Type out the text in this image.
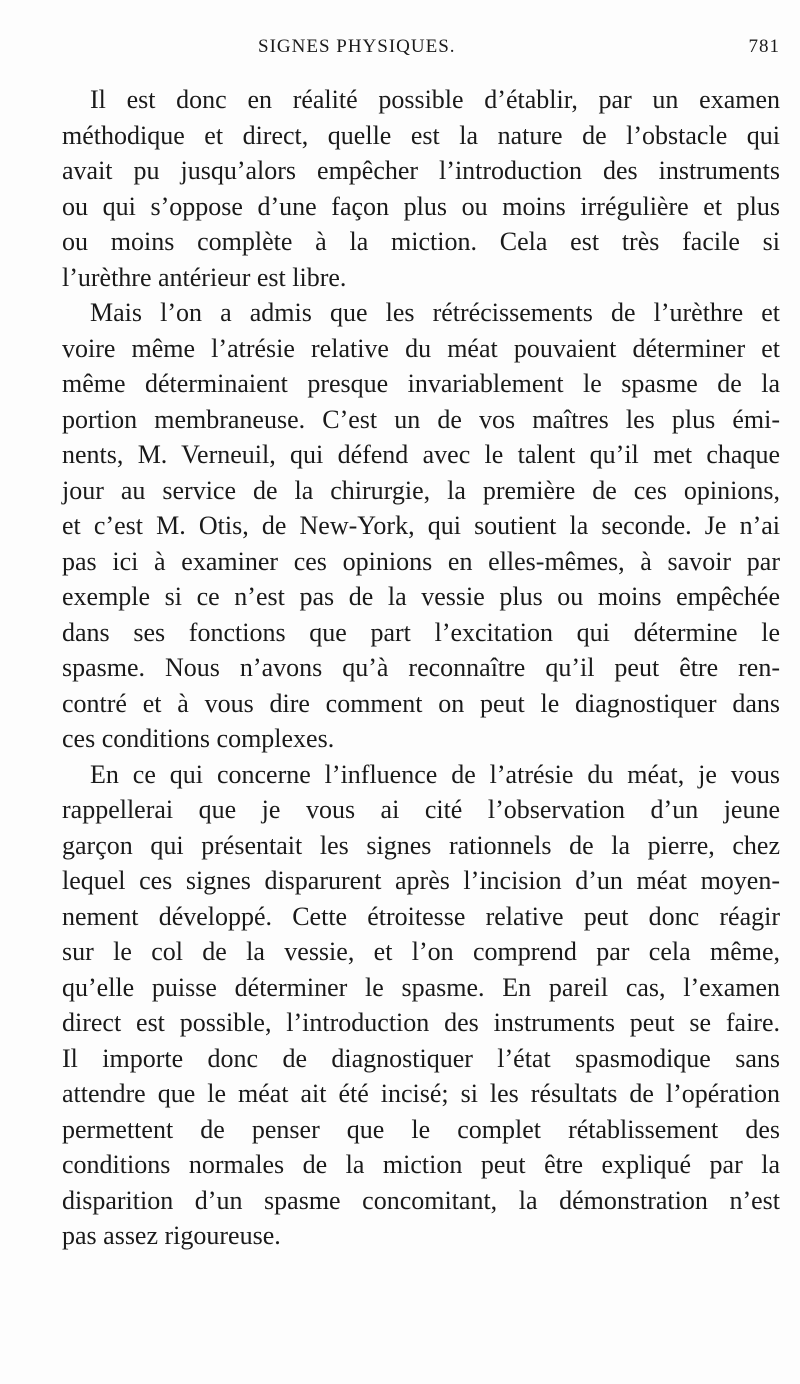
SIGNES PHYSIQUES.	781
Il est donc en réalité possible d’établir, par un examen
méthodique et direct, quelle est la nature de l’obstacle qui
avait pu jusqu’alors empêcher l’introduction des instruments
ou qui s’oppose d’une façon plus ou moins irrégulière et plus
ou moins complète à la miction. Cela est très facile si
l’urèthre antérieur est libre.
Mais l’on a admis que les rétrécissements de l’urèthre et
voire même l’atrésie relative du méat pouvaient déterminer et
même déterminaient presque invariablement le spasme de la
portion membraneuse. C’est un de vos maîtres les plus émi-
nents, M. Verneuil, qui défend avec le talent qu’il met chaque
jour au service de la chirurgie, la première de ces opinions,
et c’est M. Otis, de New-York, qui soutient la seconde. Je n’ai
pas ici à examiner ces opinions en elles-mêmes, à savoir par
exemple si ce n’est pas de la vessie plus ou moins empêchée
dans ses fonctions que part l’excitation qui détermine le
spasme. Nous n’avons qu’à reconnaître qu’il peut être ren-
contré et à vous dire comment on peut le diagnostiquer dans
ces conditions complexes.
En ce qui concerne l’influence de l’atrésie du méat, je vous
rappellerai que je vous ai cité l’observation d’un jeune
garçon qui présentait les signes rationnels de la pierre, chez
lequel ces signes disparurent après l’incision d’un méat moyen-
nement développé. Cette étroitesse relative peut donc réagir
sur le col de la vessie, et l’on comprend par cela même,
qu’elle puisse déterminer le spasme. En pareil cas, l’examen
direct est possible, l’introduction des instruments peut se faire.
Il importe donc de diagnostiquer l’état spasmodique sans
attendre que le méat ait été incisé; si les résultats de l’opération
permettent de penser que le complet rétablissement des
conditions normales de la miction peut être expliqué par la
disparition d’un spasme concomitant, la démonstration n’est
pas assez rigoureuse.
